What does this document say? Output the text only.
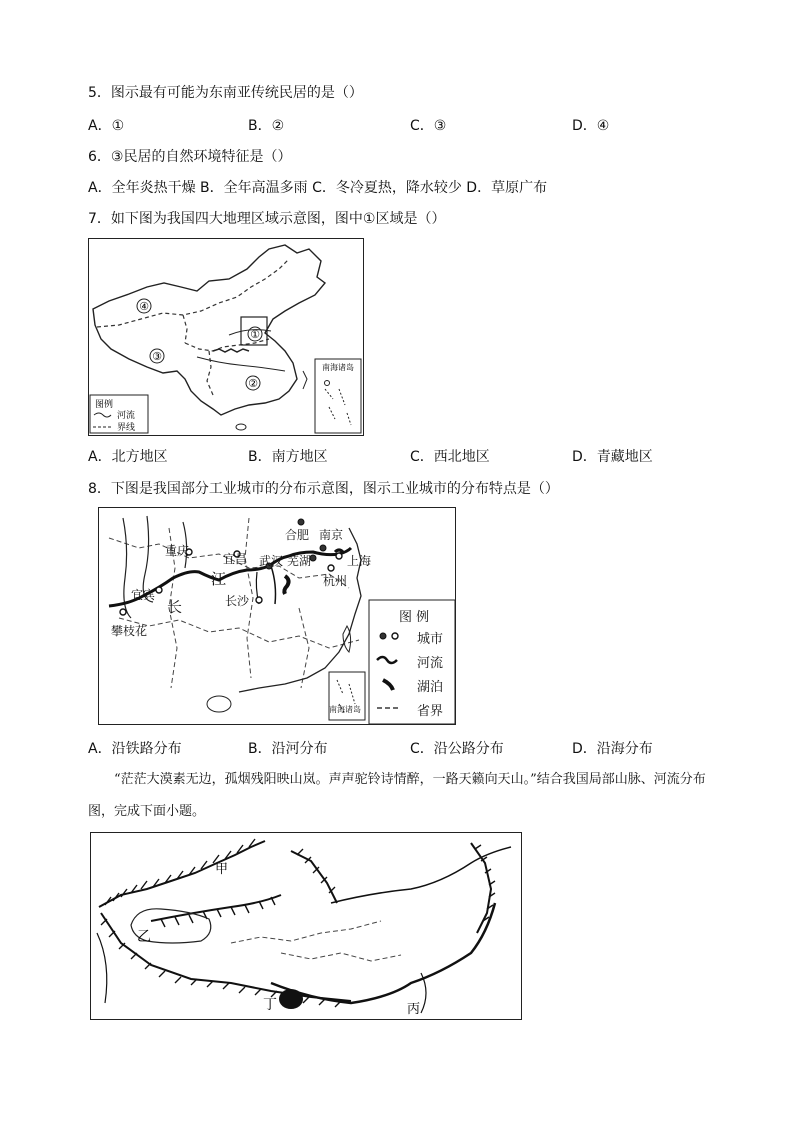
5．图示最有可能为东南亚传统民居的是（）
A．①	B．②	C．③	D．④
6．③民居的自然环境特征是（）
A．全年炎热干燥 B．全年高温多雨 C．冬冷夏热，降水较少 D．草原广布
7．如下图为我国四大地理区域示意图，图中①区域是（）
④
①
③
②
南海诸岛
图例
河流
界线
A．北方地区	B．南方地区	C．西北地区	D．青藏地区
8．下图是我国部分工业城市的分布示意图，图示工业城市的分布特点是（）
合肥 南京
上海
宜昌 武汉 芜湖
杭州
重庆
宜宾	长沙
攀枝花
江
长
南海诸岛
图 例
城市
河流
湖泊
省界
A．沿铁路分布	B．沿河分布	C．沿公路分布	D．沿海分布
“茫茫大漠素无边，孤烟残阳映山岚。声声驼铃诗情醉，一路天籁向天山。”结合我国局部山脉、河流分布图，完成下面小题。
甲
乙
丁	丙
